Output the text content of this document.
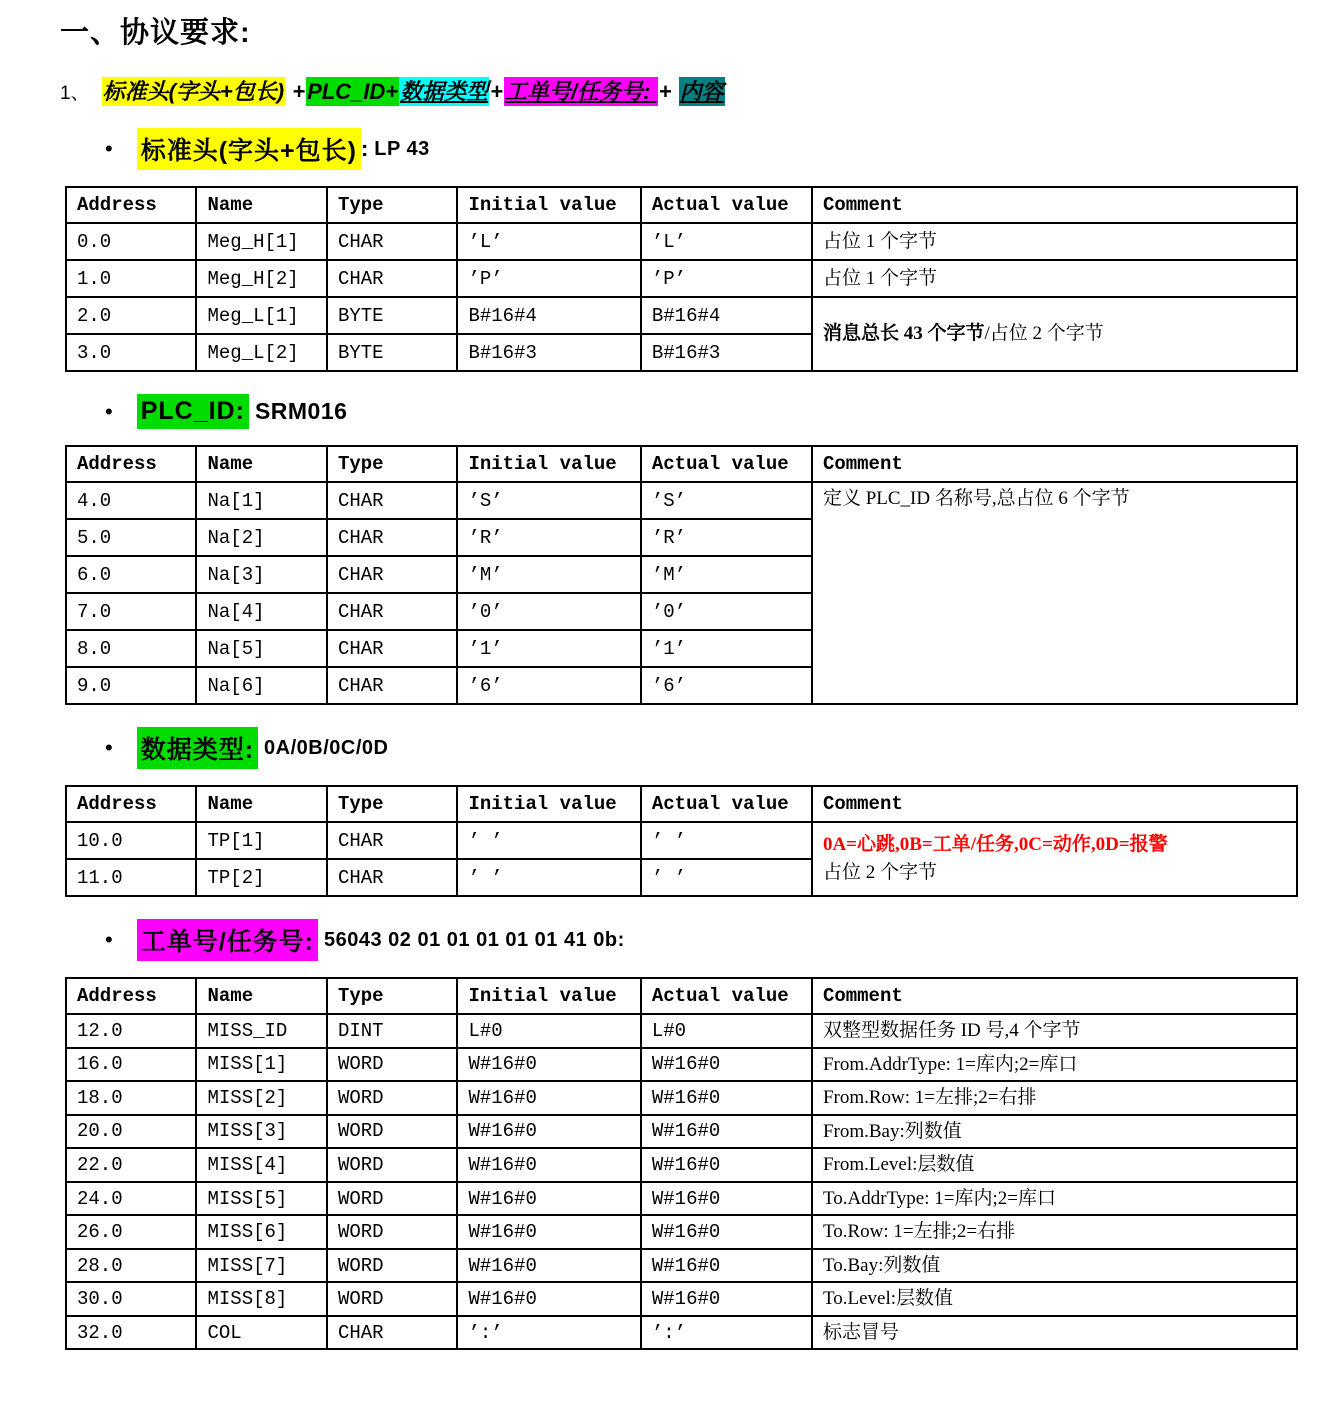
一、协议要求:
1、 标准头(字头+包长) +PLC_ID+数据类型+工单号/任务号: + 内容
• 标准头(字头+包长) : LP 43
Address	Name	Type	Initial value	Actual value	Comment
0.0	Meg_H[1]	CHAR	’L’	’L’	占位 1 个字节
1.0	Meg_H[2]	CHAR	’P’	’P’	占位 1 个字节
2.0	Meg_L[1]	BYTE	B#16#4	B#16#4	消息总长 43 个字节/占位 2 个字节
3.0	Meg_L[2]	BYTE	B#16#3	B#16#3	
• PLC_ID: SRM016
Address	Name	Type	Initial value	Actual value	Comment
4.0	Na[1]	CHAR	’S’	’S’	定义 PLC_ID 名称号,总占位 6 个字节
5.0	Na[2]	CHAR	’R’	’R’	
6.0	Na[3]	CHAR	’M’	’M’	
7.0	Na[4]	CHAR	’0’	’0’	
8.0	Na[5]	CHAR	’1’	’1’	
9.0	Na[6]	CHAR	’6’	’6’	
• 数据类型: 0A/0B/0C/0D
Address	Name	Type	Initial value	Actual value	Comment
10.0	TP[1]	CHAR	’ ’	’ ’	0A=心跳,0B=工单/任务,0C=动作,0D=报警
占位 2 个字节
11.0	TP[2]	CHAR	’ ’	’ ’	
• 工单号/任务号: 56043 02 01 01 01 01 01 41 0b:
Address	Name	Type	Initial value	Actual value	Comment
12.0	MISS_ID	DINT	L#0	L#0	双整型数据任务 ID 号,4 个字节
16.0	MISS[1]	WORD	W#16#0	W#16#0	From.AddrType: 1=库内;2=库口
18.0	MISS[2]	WORD	W#16#0	W#16#0	From.Row: 1=左排;2=右排
20.0	MISS[3]	WORD	W#16#0	W#16#0	From.Bay:列数值
22.0	MISS[4]	WORD	W#16#0	W#16#0	From.Level:层数值
24.0	MISS[5]	WORD	W#16#0	W#16#0	To.AddrType: 1=库内;2=库口
26.0	MISS[6]	WORD	W#16#0	W#16#0	To.Row: 1=左排;2=右排
28.0	MISS[7]	WORD	W#16#0	W#16#0	To.Bay:列数值
30.0	MISS[8]	WORD	W#16#0	W#16#0	To.Level:层数值
32.0	COL	CHAR	’:’	’:’	标志冒号
